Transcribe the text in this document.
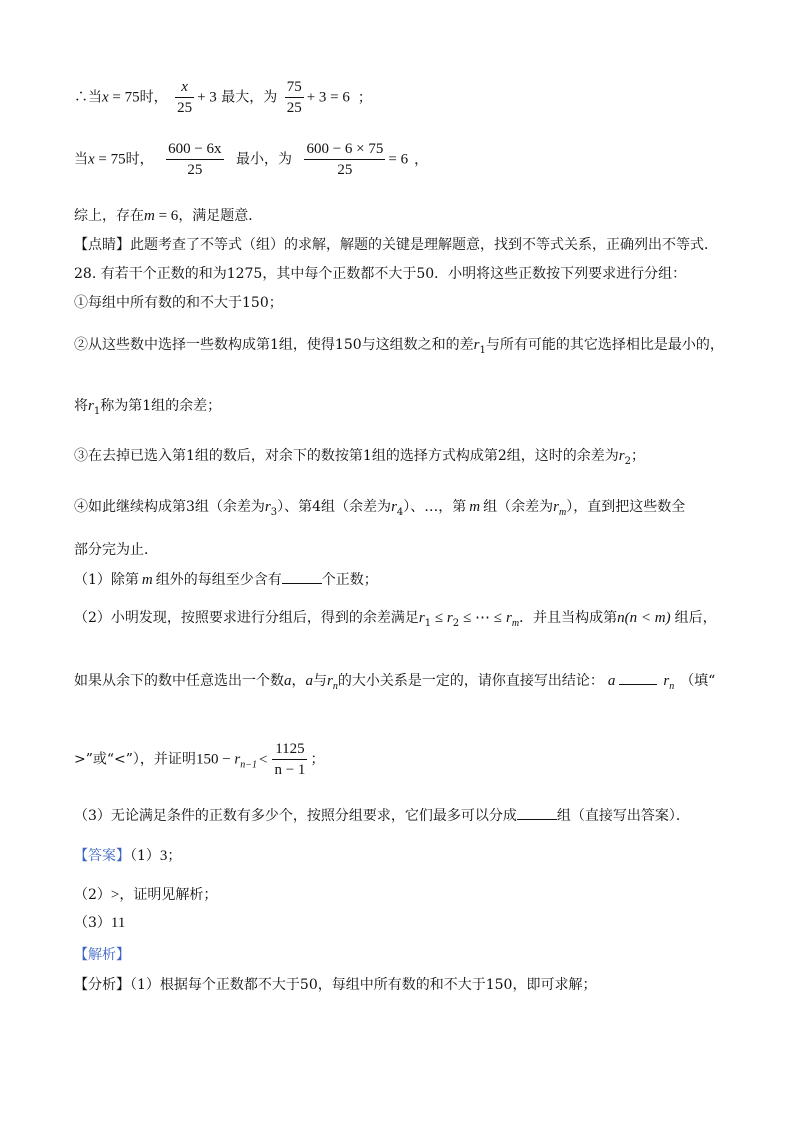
∴当x = 75时， $\frac{x}{25} + 3$ 最大，为 $\frac{75}{25} + 3 = 6$ ；
当x = 75时， $\frac{600 - 6x}{25}$ 最小，为 $\frac{600 - 6 \times 75}{25} = 6$ ，
综上，存在m = 6，满足题意．
【点睛】此题考查了不等式（组）的求解，解题的关键是理解题意，找到不等式关系，正确列出不等式．
28. 有若干个正数的和为1275，其中每个正数都不大于50．小明将这些正数按下列要求进行分组：
①每组中所有数的和不大于150；
②从这些数中选择一些数构成第1组，使得150与这组数之和的差$r_1$与所有可能的其它选择相比是最小的，
将$r_1$称为第1组的余差；
③在去掉已选入第1组的数后，对余下的数按第1组的选择方式构成第2组，这时的余差为$r_2$；
④如此继续构成第3组（余差为$r_3$）、第4组（余差为$r_4$）、…，第 m 组（余差为$r_m$），直到把这些数全
部分完为止．
（1）除第 m 组外的每组至少含有	个正数；
（2）小明发现，按照要求进行分组后，得到的余差满足$r_1 \le r_2$ ≤ ⋯ ≤ $r_m$．并且当构成第n(n < m) 组后，
如果从余下的数中任意选出一个数a，a与$r_n$的大小关系是一定的，请你直接写出结论： a	$r_n$ （填“
>”或“<”），并证明$150 - r_{n-1} < \frac{1125}{n - 1}$ ；
（3）无论满足条件的正数有多少个，按照分组要求，它们最多可以分成	组（直接写出答案）．
【答案】（1）3；
（2）>，证明见解析；
（3）11
【解析】
【分析】（1）根据每个正数都不大于50，每组中所有数的和不大于150，即可求解；
